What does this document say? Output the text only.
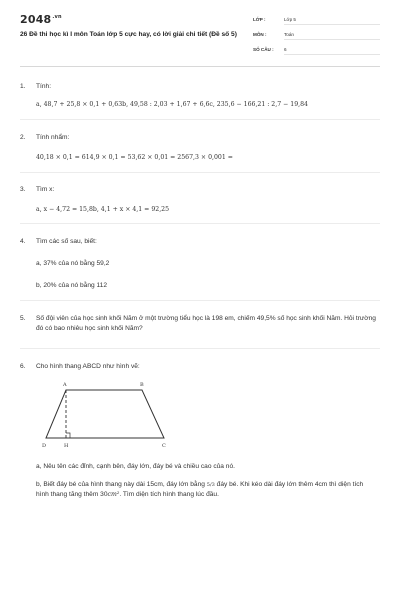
$2048^{.vn}$
26 Đề thi học kì I môn Toán lớp 5 cực hay, có lời giải chi tiết (Đề số 5)
LỚP :	Lớp 5
MÔN :	Toán
SỐ CÂU : 6
1. Tính:
a, 48,7 + 25,8 × 0,1 + 0,63b, 49,58 : 2,03 + 1,67 + 6,6c, 235,6 − 166,21 : 2,7 − 19,84
2. Tính nhẩm:
40,18 × 0,1 = 614,9 × 0,1 = 53,62 × 0,01 = 2567,3 × 0,001 =
3. Tìm x:
a, x − 4,72 = 15,8b, 4,1 + x × 4,1 = 92,25
4. Tìm các số sau, biết:
a, 37% của nó bằng 59,2
b, 20% của nó bằng 112
5. Số đội viên của học sinh khối Năm ở một trường tiểu học là 198 em, chiếm 49,5% số học sinh khối Năm. Hỏi trường đó có bao nhiêu học sinh khối Năm?
6. Cho hình thang ABCD như hình vẽ:
A	B
C
D	H
a, Nêu tên các đỉnh, cạnh bên, đáy lớn, đáy bé và chiều cao của nó.
b, Biết đáy bé của hình thang này dài 15cm, đáy lớn bằng 5/3 đáy bé. Khi kéo dài đáy lớn thêm 4cm thì diện tích hình thang tăng thêm 30cm². Tìm diện tích hình thang lúc đầu.
